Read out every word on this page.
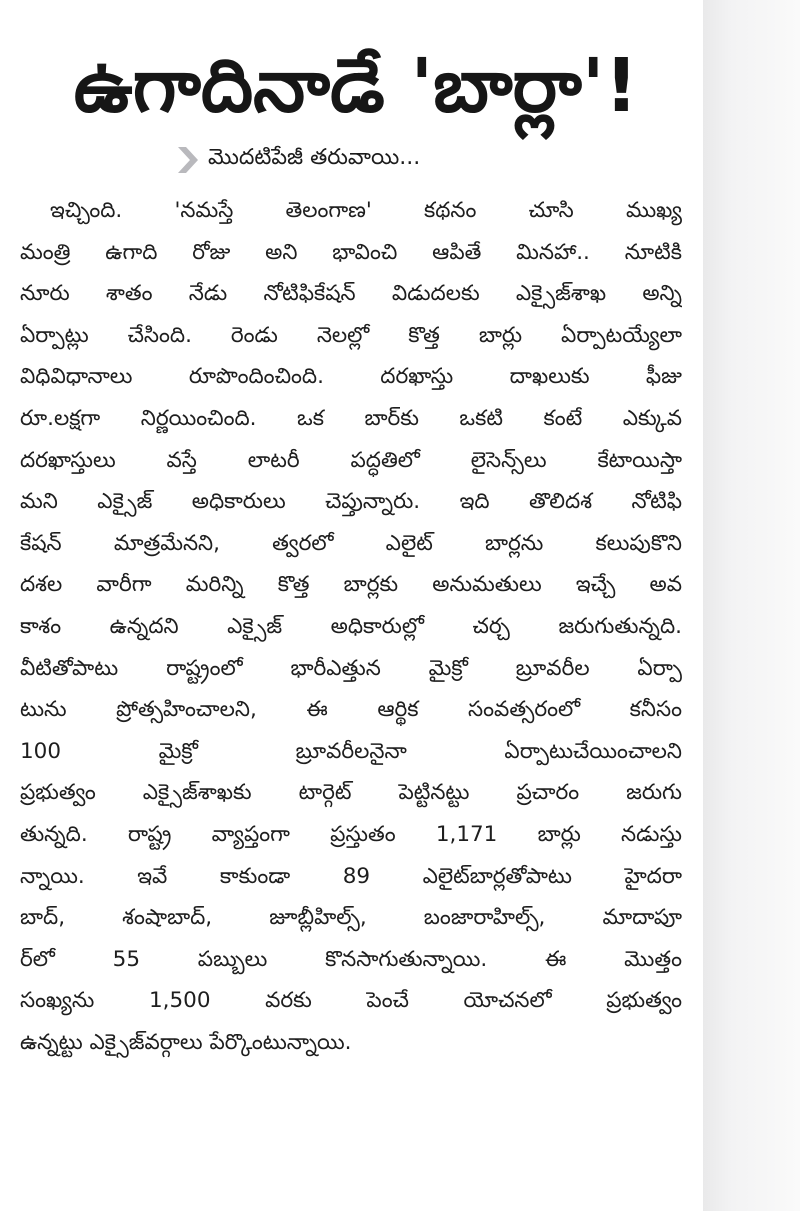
ఉగాదినాడే 'బార్లా'!
మొదటిపేజీ తరువాయి...
ఇచ్చింది. 'నమస్తే తెలంగాణ' కథనం చూసి ముఖ్య
మంత్రి ఉగాది రోజు అని భావించి ఆపితే మినహా.. నూటికి
నూరు శాతం నేడు నోటిఫికేషన్ విడుదలకు ఎక్సైజ్‌శాఖ అన్ని
ఏర్పాట్లు చేసింది. రెండు నెలల్లో కొత్త బార్లు ఏర్పాటయ్యేలా
విధివిధానాలు రూపొందించింది. దరఖాస్తు దాఖలుకు ఫీజు
రూ.లక్షగా నిర్ణయించింది. ఒక బార్‌కు ఒకటి కంటే ఎక్కువ
దరఖాస్తులు వస్తే లాటరీ పద్ధతిలో లైసెన్స్‌లు కేటాయిస్తా
మని ఎక్సైజ్ అధికారులు చెప్తున్నారు. ఇది తొలిదశ నోటిఫి
కేషన్ మాత్రమేనని, త్వరలో ఎలైట్ బార్లను కలుపుకొని
దశల వారీగా మరిన్ని కొత్త బార్లకు అనుమతులు ఇచ్చే అవ
కాశం ఉన్నదని ఎక్సైజ్ అధికారుల్లో చర్చ జరుగుతున్నది.
వీటితోపాటు రాష్ట్రంలో భారీఎత్తున మైక్రో బ్రూవరీల ఏర్పా
టును ప్రోత్సహించాలని, ఈ ఆర్థిక సంవత్సరంలో కనీసం
100 మైక్రో బ్రూవరీలనైనా ఏర్పాటుచేయించాలని
ప్రభుత్వం ఎక్సైజ్‌శాఖకు టార్గెట్ పెట్టినట్టు ప్రచారం జరుగు
తున్నది. రాష్ట్ర వ్యాప్తంగా ప్రస్తుతం 1,171 బార్లు నడుస్తు
న్నాయి. ఇవే కాకుండా 89 ఎలైట్‌బార్లతోపాటు హైదరా
బాద్, శంషాబాద్, జూబ్లీహిల్స్, బంజారాహిల్స్, మాదాపూ
ర్‌లో 55 పబ్బులు కొనసాగుతున్నాయి. ఈ మొత్తం
సంఖ్యను 1,500 వరకు పెంచే యోచనలో ప్రభుత్వం
ఉన్నట్టు ఎక్సైజ్‌వర్గాలు పేర్కొంటున్నాయి.
